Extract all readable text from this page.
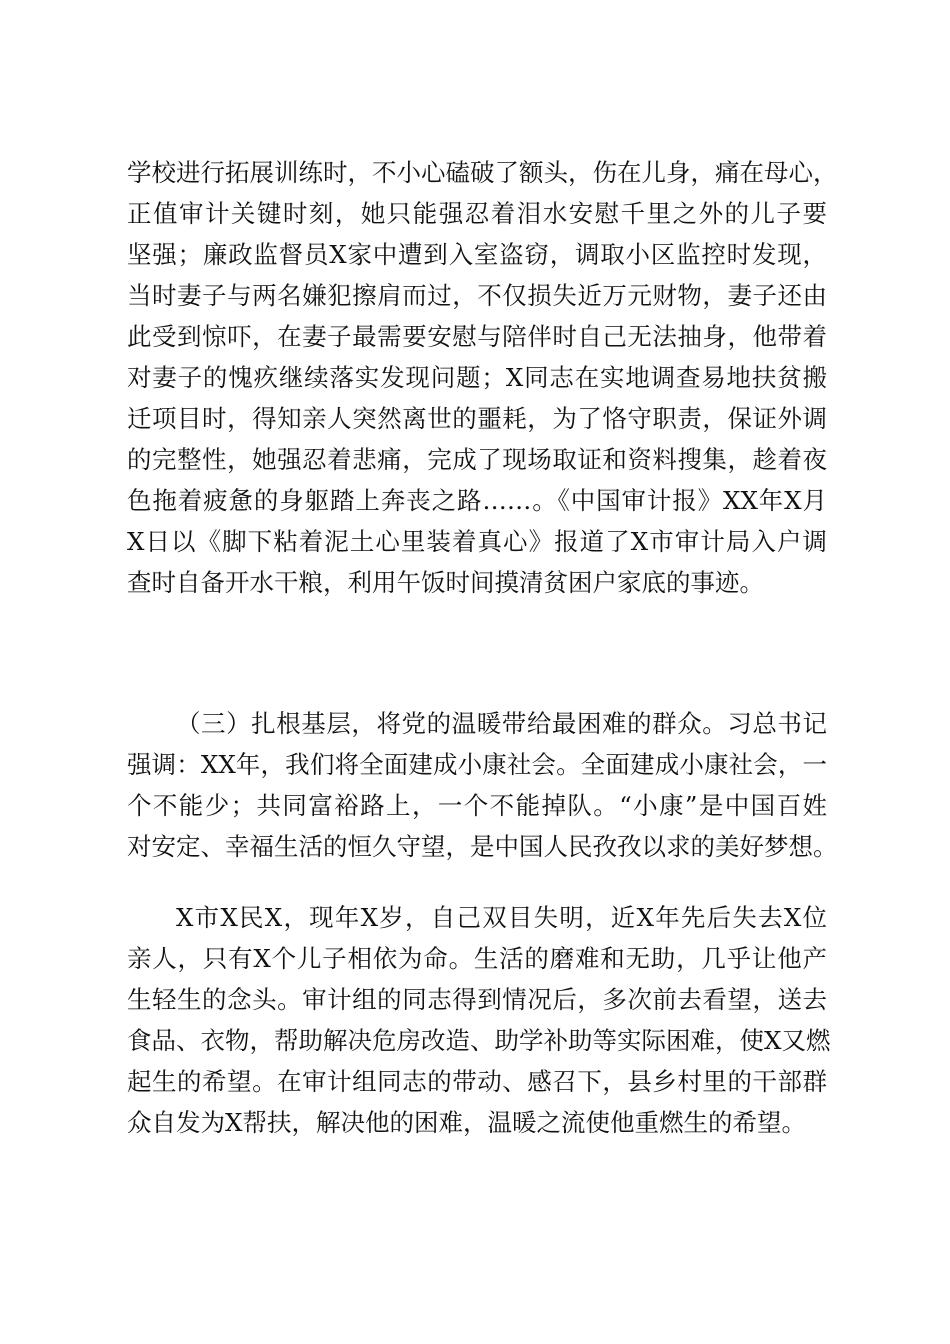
学校进行拓展训练时，不小心磕破了额头，伤在儿身，痛在母心，
正值审计关键时刻，她只能强忍着泪水安慰千里之外的儿子要
坚强；廉政监督员X家中遭到入室盗窃，调取小区监控时发现，
当时妻子与两名嫌犯擦肩而过，不仅损失近万元财物，妻子还由
此受到惊吓，在妻子最需要安慰与陪伴时自己无法抽身，他带着
对妻子的愧疚继续落实发现问题；X同志在实地调查易地扶贫搬
迁项目时，得知亲人突然离世的噩耗，为了恪守职责，保证外调
的完整性，她强忍着悲痛，完成了现场取证和资料搜集，趁着夜
色拖着疲惫的身躯踏上奔丧之路……。《中国审计报》XX年X月
X日以《脚下粘着泥土心里装着真心》报道了X市审计局入户调
查时自备开水干粮，利用午饭时间摸清贫困户家底的事迹。
（三）扎根基层，将党的温暖带给最困难的群众。习总书记
强调：XX年，我们将全面建成小康社会。全面建成小康社会，一
个不能少；共同富裕路上，一个不能掉队。“小康”是中国百姓
对安定、幸福生活的恒久守望，是中国人民孜孜以求的美好梦想。
X市X民X，现年X岁，自己双目失明，近X年先后失去X位
亲人，只有X个儿子相依为命。生活的磨难和无助，几乎让他产
生轻生的念头。审计组的同志得到情况后，多次前去看望，送去
食品、衣物，帮助解决危房改造、助学补助等实际困难，使X又燃
起生的希望。在审计组同志的带动、感召下，县乡村里的干部群
众自发为X帮扶，解决他的困难，温暖之流使他重燃生的希望。
